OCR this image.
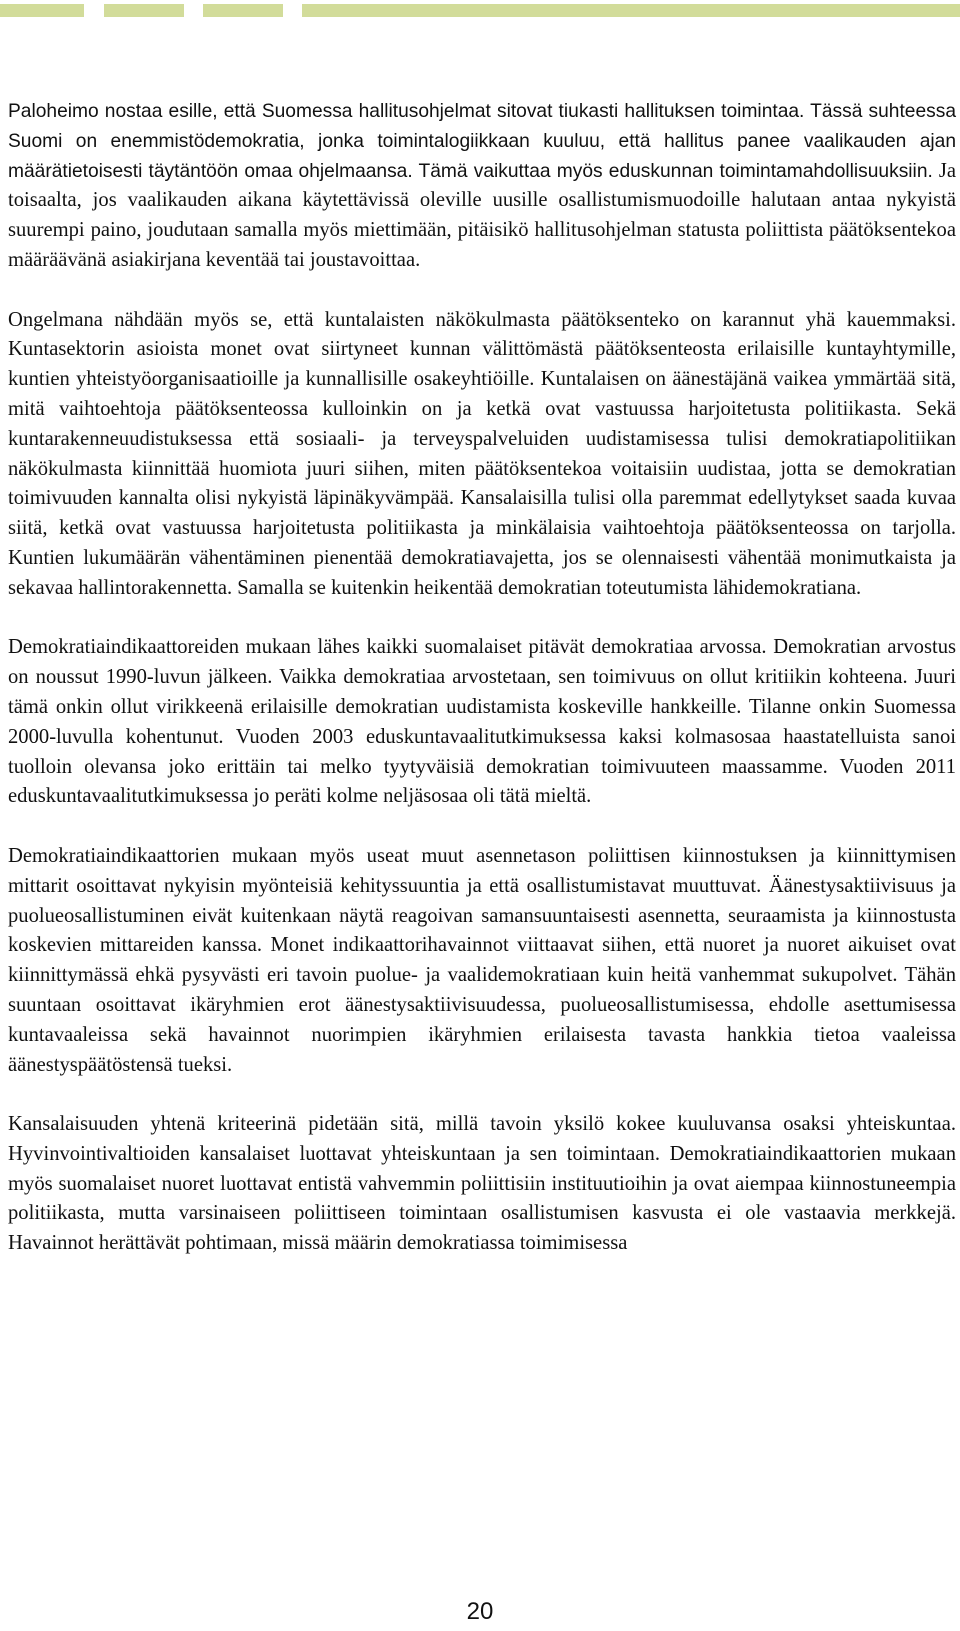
Paloheimo nostaa esille, että Suomessa hallitusohjelmat sitovat tiukasti hallituksen toimintaa. Tässä suhteessa Suomi on enemmistödemokratia, jonka toimintalogiikkaan kuuluu, että hallitus panee vaalikauden ajan määrätietoisesti täytäntöön omaa ohjelmaansa. Tämä vaikuttaa myös eduskunnan toimintamahdollisuuksiin. Ja toisaalta, jos vaalikauden aikana käytettävissä oleville uusille osallistumismuodoille halutaan antaa nykyistä suurempi paino, joudutaan samalla myös miettimään, pitäisikö hallitusohjelman statusta poliittista päätöksentekoa määräävänä asiakirjana keventää tai joustavoittaa.

Ongelmana nähdään myös se, että kuntalaisten näkökulmasta päätöksenteko on karannut yhä kauemmaksi. Kuntasektorin asioista monet ovat siirtyneet kunnan välittömästä päätöksenteosta erilaisille kuntayhtymille, kuntien yhteistyöorganisaatioille ja kunnallisille osakeyhtiöille. Kuntalaisen on äänestäjänä vaikea ymmärtää sitä, mitä vaihtoehtoja päätöksenteossa kulloinkin on ja ketkä ovat vastuussa harjoitetusta politiikasta. Sekä kuntarakenneuudistuksessa että sosiaali- ja terveyspalveluiden uudistamisessa tulisi demokratiapolitiikan näkökulmasta kiinnittää huomiota juuri siihen, miten päätöksentekoa voitaisiin uudistaa, jotta se demokratian toimivuuden kannalta olisi nykyistä läpinäkyvämpää. Kansalaisilla tulisi olla paremmat edellytykset saada kuvaa siitä, ketkä ovat vastuussa harjoitetusta politiikasta ja minkälaisia vaihtoehtoja päätöksenteossa on tarjolla. Kuntien lukumäärän vähentäminen pienentää demokratiavajetta, jos se olennaisesti vähentää monimutkaista ja sekavaa hallintorakennetta. Samalla se kuitenkin heikentää demokratian toteutumista lähidemokratiana.

Demokratiaindikaattoreiden mukaan lähes kaikki suomalaiset pitävät demokratiaa arvossa. Demokratian arvostus on noussut 1990-luvun jälkeen. Vaikka demokratiaa arvostetaan, sen toimivuus on ollut kritiikin kohteena. Juuri tämä onkin ollut virikkeenä erilaisille demokratian uudistamista koskeville hankkeille. Tilanne onkin Suomessa 2000-luvulla kohentunut. Vuoden 2003 eduskuntavaalitutkimuksessa kaksi kolmasosaa haastatelluista sanoi tuolloin olevansa joko erittäin tai melko tyytyväisiä demokratian toimivuuteen maassamme. Vuoden 2011 eduskuntavaalitutkimuksessa jo peräti kolme neljäsosaa oli tätä mieltä.

Demokratiaindikaattorien mukaan myös useat muut asennetason poliittisen kiinnostuksen ja kiinnittymisen mittarit osoittavat nykyisin myönteisiä kehityssuuntia ja että osallistumistavat muuttuvat. Äänestysaktiivisuus ja puolueosallistuminen eivät kuitenkaan näytä reagoivan samansuuntaisesti asennetta, seuraamista ja kiinnostusta koskevien mittareiden kanssa. Monet indikaattorihavainnot viittaavat siihen, että nuoret ja nuoret aikuiset ovat kiinnittymässä ehkä pysyvästi eri tavoin puolue- ja vaalidemokratiaan kuin heitä vanhemmat sukupolvet. Tähän suuntaan osoittavat ikäryhmien erot äänestysaktiivisuudessa, puolueosallistumisessa, ehdolle asettumisessa kuntavaaleissa sekä havainnot nuorimpien ikäryhmien erilaisesta tavasta hankkia tietoa vaaleissa äänestyspäätöstensä tueksi.

Kansalaisuuden yhtenä kriteerinä pidetään sitä, millä tavoin yksilö kokee kuuluvansa osaksi yhteiskuntaa. Hyvinvointivaltioiden kansalaiset luottavat yhteiskuntaan ja sen toimintaan. Demokratiaindikaattorien mukaan myös suomalaiset nuoret luottavat entistä vahvemmin poliittisiin instituutioihin ja ovat aiempaa kiinnostuneempia politiikasta, mutta varsinaiseen poliittiseen toimintaan osallistumisen kasvusta ei ole vastaavia merkkejä. Havainnot herättävät pohtimaan, missä määrin demokratiassa toimimisessa

20
